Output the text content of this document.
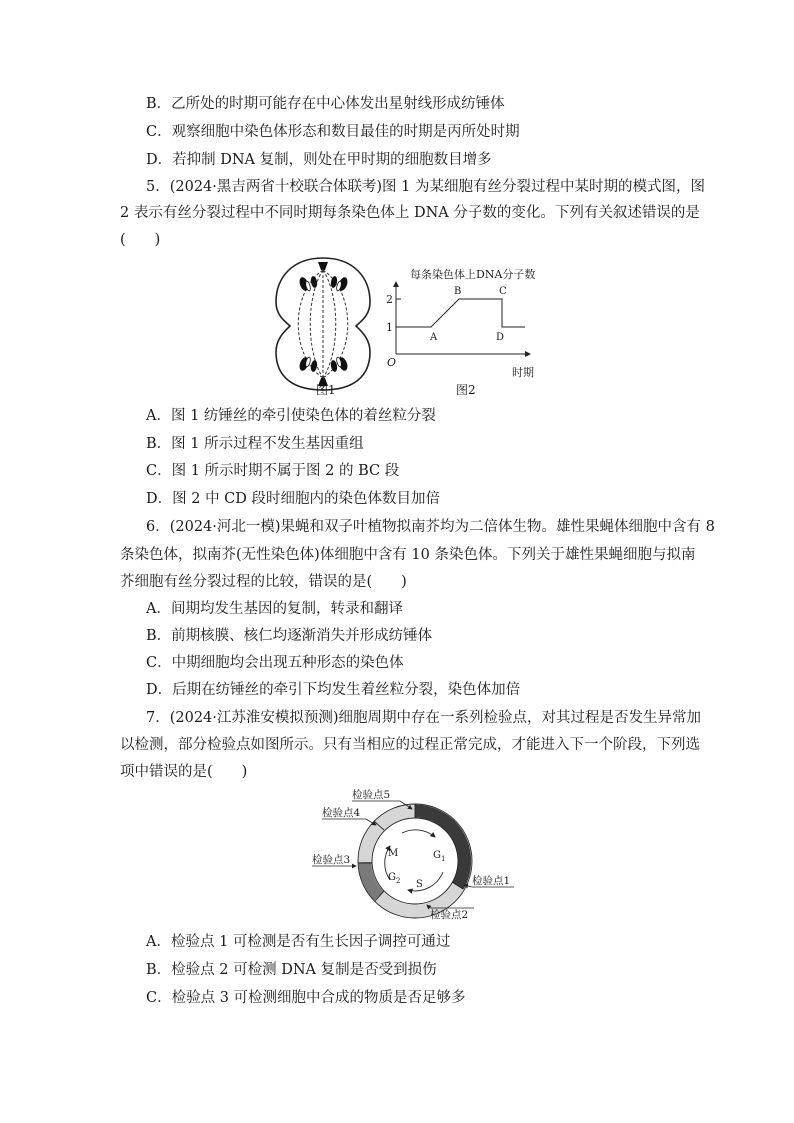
B．乙所处的时期可能存在中心体发出星射线形成纺锤体
C．观察细胞中染色体形态和数目最佳的时期是丙所处时期
D．若抑制 DNA 复制，则处在甲时期的细胞数目增多
5．(2024·黑吉两省十校联合体联考)图 1 为某细胞有丝分裂过程中某时期的模式图，图
2 表示有丝分裂过程中不同时期每条染色体上 DNA 分子数的变化。下列有关叙述错误的是
(　　)
图1
每条染色体上DNA分子数
O
1
2
A
B	C
D
时期
图2
A．图 1 纺锤丝的牵引使染色体的着丝粒分裂
B．图 1 所示过程不发生基因重组
C．图 1 所示时期不属于图 2 的 BC 段
D．图 2 中 CD 段时细胞内的染色体数目加倍
6．(2024·河北一模)果蝇和双子叶植物拟南芥均为二倍体生物。雄性果蝇体细胞中含有 8
条染色体，拟南芥(无性染色体)体细胞中含有 10 条染色体。下列关于雄性果蝇细胞与拟南
芥细胞有丝分裂过程的比较，错误的是(　　)
A．间期均发生基因的复制，转录和翻译
B．前期核膜、核仁均逐渐消失并形成纺锤体
C．中期细胞均会出现五种形态的染色体
D．后期在纺锤丝的牵引下均发生着丝粒分裂，染色体加倍
7．(2024·江苏淮安模拟预测)细胞周期中存在一系列检验点，对其过程是否发生异常加
以检测，部分检验点如图所示。只有当相应的过程正常完成，才能进入下一个阶段，下列选
项中错误的是(　　)
M	$G_1$
S
$G_2$
检验点5
检验点4
检验点3
检验点1
检验点2
A．检验点 1 可检测是否有生长因子调控可通过
B．检验点 2 可检测 DNA 复制是否受到损伤
C．检验点 3 可检测细胞中合成的物质是否足够多
